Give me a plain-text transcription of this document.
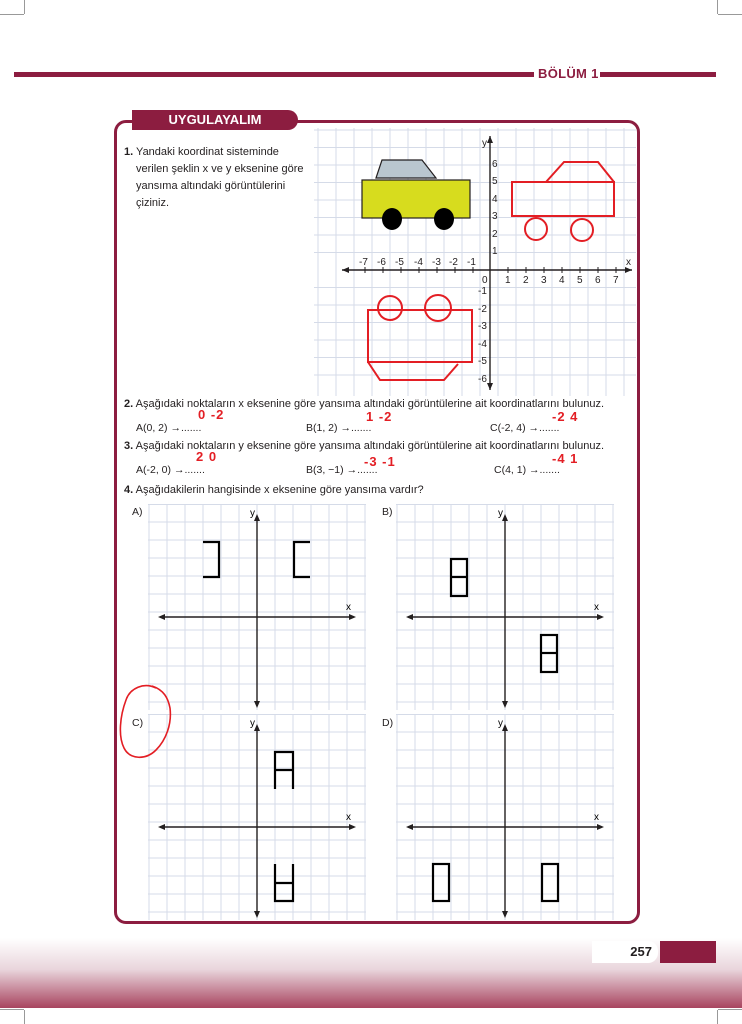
BÖLÜM 1
UYGULAYALIM
1. Yandaki koordinat sisteminde
verilen şeklin x ve y eksenine göre
yansıma altındaki görüntülerini
çiziniz.
y
x
0
-7 -6 -5 -4 -3 -2 -1
1 2 3 4 5 6 7
6
5
4
3
2
1
-1
-2
-3
-4
-5
-6
2. Aşağıdaki noktaların x eksenine göre yansıma altındaki görüntülerine ait koordinatlarını bulunuz.
0 -2	1 -2	-2 4
A(0, 2) →.......	B(1, 2) →.......	C(-2, 4) →.......
3. Aşağıdaki noktaların y eksenine göre yansıma altındaki görüntülerine ait koordinatlarını bulunuz.
2 0	-3 -1	-4 1
A(-2, 0) →.......	B(3, −1) →.......	C(4, 1) →.......
4. Aşağıdakilerin hangisinde x eksenine göre yansıma vardır?
A)	B)
C)	D)
x
y
x
y
x
y
x
y
257
